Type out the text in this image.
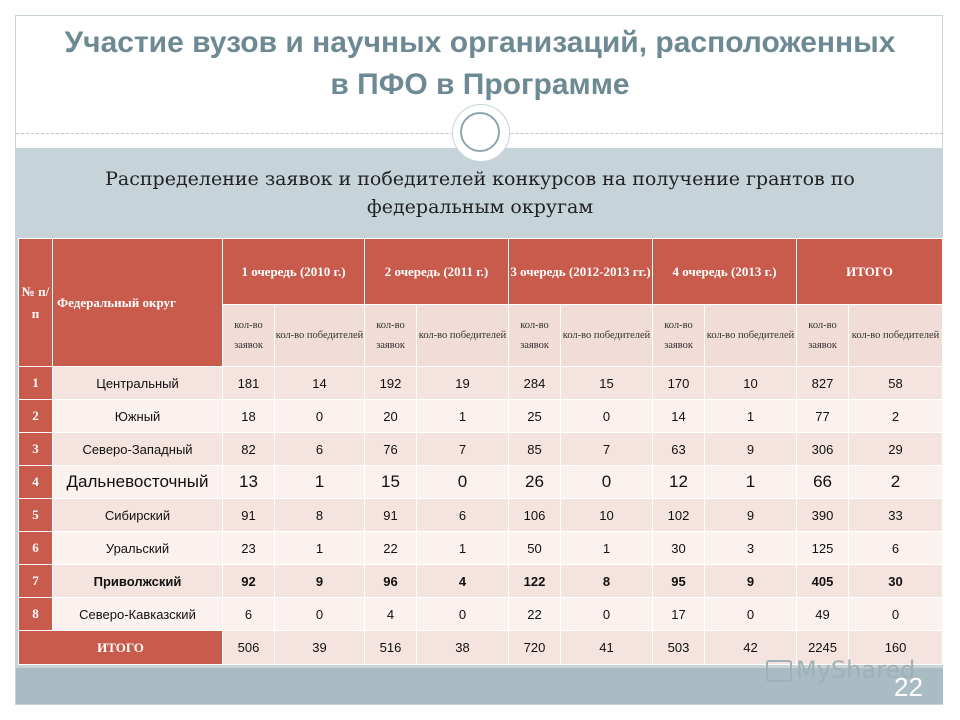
Участие вузов и научных организаций, расположенных
в ПФО в Программе
Распределение заявок и победителей конкурсов на получение грантов по
федеральным округам
№ п/п	Федеральный округ	1 очередь (2010 г.)		2 очередь (2011 г.)		3 очередь (2012-2013 гг.)		4 очередь (2013 г.)		ИТОГО	
		кол-во заявок	кол-во победителей	кол-во заявок	кол-во победителей	кол-во заявок	кол-во победителей	кол-во заявок	кол-во победителей	кол-во заявок	кол-во победителей
1	Центральный	181	14	192	19	284	15	170	10	827	58
2	Южный	18	0	20	1	25	0	14	1	77	2
3	Северо-Западный	82	6	76	7	85	7	63	9	306	29
4	Дальневосточный	13	1	15	0	26	0	12	1	66	2
5	Сибирский	91	8	91	6	106	10	102	9	390	33
6	Уральский	23	1	22	1	50	1	30	3	125	6
7	Приволжский	92	9	96	4	122	8	95	9	405	30
8	Северо-Кавказский	6	0	4	0	22	0	17	0	49	0
ИТОГО		506	39	516	38	720	41	503	42	2245	160
MyShared
22
